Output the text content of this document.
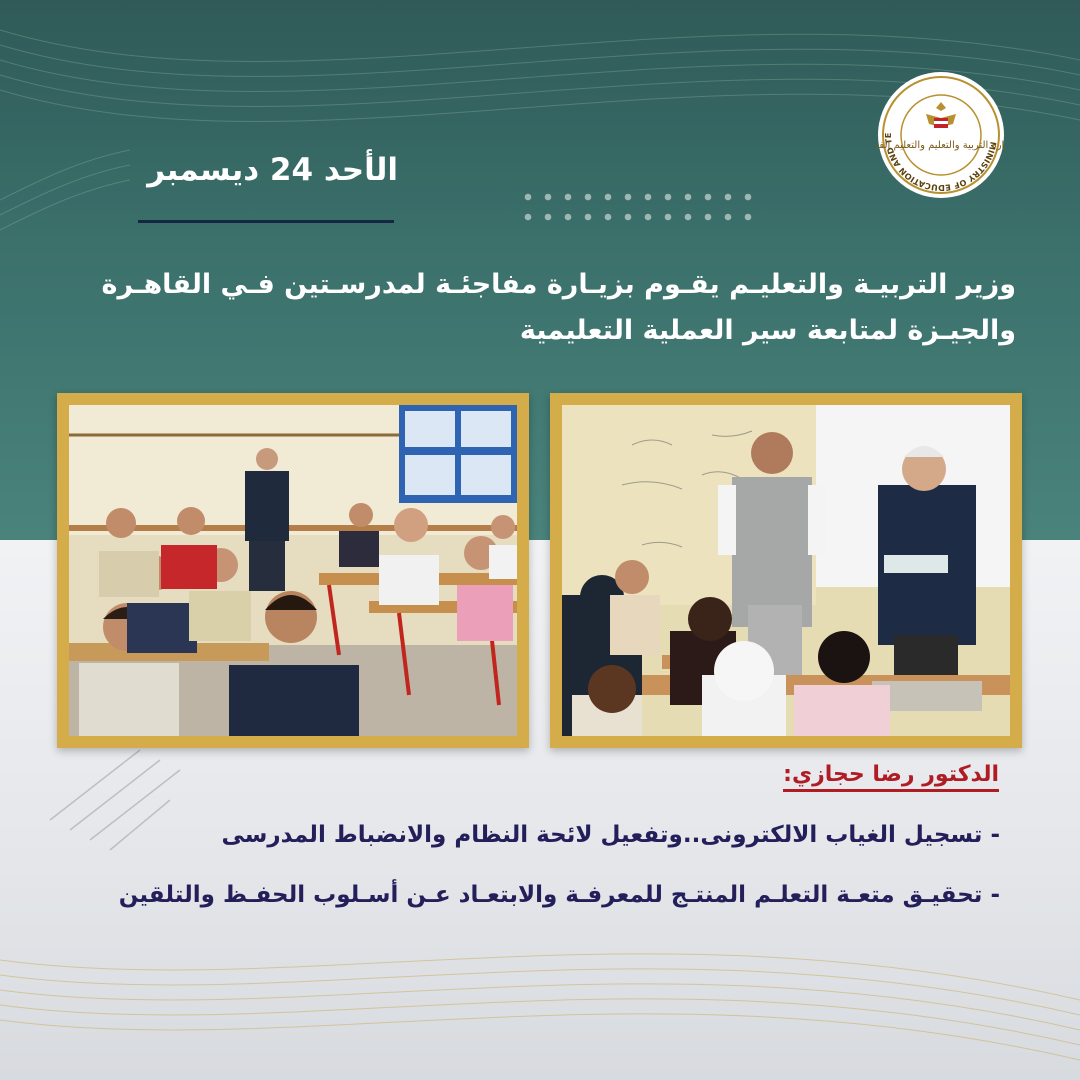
MINISTRY OF EDUCATION AND TE
ارة التربية والتعليم والتعليم الفن
الأحد 24 ديسمبر
وزير التربيـة والتعليـم يقـوم بزيـارة مفاجئـة لمدرسـتين فـي القاهـرة والجيـزة لمتابعة سير العملية التعليمية
الدكتور رضا حجازي:
- تسجيل الغياب الالكترونى..وتفعيل لائحة النظام والانضباط المدرسى
- تحقيـق متعـة التعلـم المنتـج للمعرفـة والابتعـاد عـن أسـلوب الحفـظ والتلقين
